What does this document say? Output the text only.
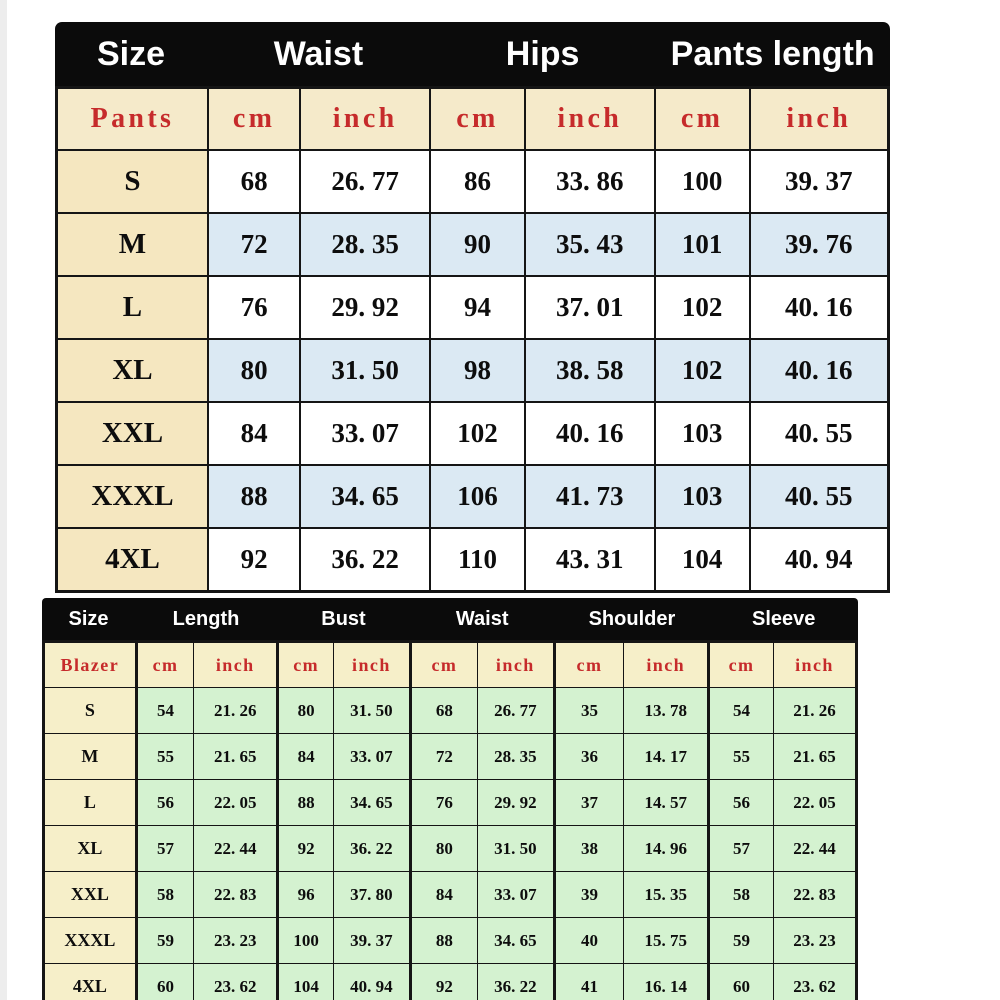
Size	Waist	Hips	Pants length
Pants	cm	inch	cm	inch	cm	inch
S	68	26. 77	86	33. 86	100	39. 37
M	72	28. 35	90	35. 43	101	39. 76
L	76	29. 92	94	37. 01	102	40. 16
XL	80	31. 50	98	38. 58	102	40. 16
XXL	84	33. 07	102	40. 16	103	40. 55
XXXL	88	34. 65	106	41. 73	103	40. 55
4XL	92	36. 22	110	43. 31	104	40. 94
Size	Length	Bust	Waist	Shoulder	Sleeve
Blazer	cm	inch	cm	inch	cm	inch	cm	inch	cm	inch
S	54	21. 26	80	31. 50	68	26. 77	35	13. 78	54	21. 26
M	55	21. 65	84	33. 07	72	28. 35	36	14. 17	55	21. 65
L	56	22. 05	88	34. 65	76	29. 92	37	14. 57	56	22. 05
XL	57	22. 44	92	36. 22	80	31. 50	38	14. 96	57	22. 44
XXL	58	22. 83	96	37. 80	84	33. 07	39	15. 35	58	22. 83
XXXL	59	23. 23	100	39. 37	88	34. 65	40	15. 75	59	23. 23
4XL	60	23. 62	104	40. 94	92	36. 22	41	16. 14	60	23. 62
